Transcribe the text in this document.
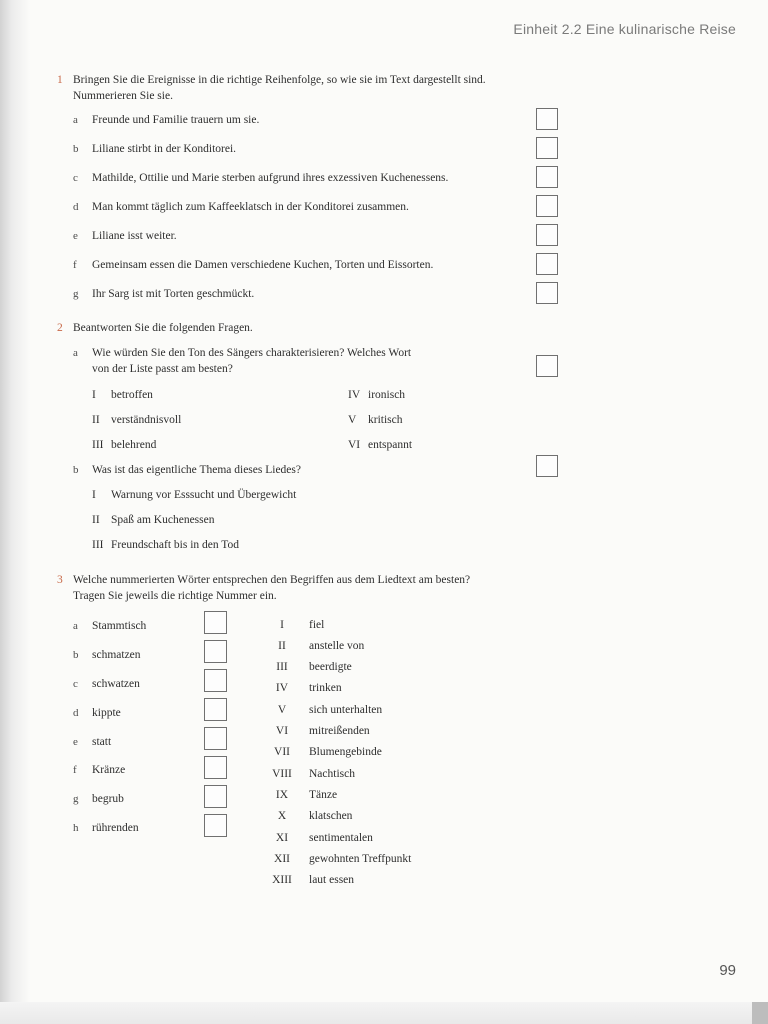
Einheit 2.2 Eine kulinarische Reise
1 Bringen Sie die Ereignisse in die richtige Reihenfolge, so wie sie im Text dargestellt sind.
Nummerieren Sie sie.
a Freunde und Familie trauern um sie.
b Liliane stirbt in der Konditorei.
c Mathilde, Ottilie und Marie sterben aufgrund ihres exzessiven Kuchenessens.
d Man kommt täglich zum Kaffeeklatsch in der Konditorei zusammen.
e Liliane isst weiter.
f Gemeinsam essen die Damen verschiedene Kuchen, Torten und Eissorten.
g Ihr Sarg ist mit Torten geschmückt.
2 Beantworten Sie die folgenden Fragen.
a Wie würden Sie den Ton des Sängers charakterisieren? Welches Wort
von der Liste passt am besten?
I betroffen
II verständnisvoll
III belehrend
IV ironisch
V kritisch
VI entspannt
b Was ist das eigentliche Thema dieses Liedes?
I Warnung vor Esssucht und Übergewicht
II Spaß am Kuchenessen
III Freundschaft bis in den Tod
3 Welche nummerierten Wörter entsprechen den Begriffen aus dem Liedtext am besten?
Tragen Sie jeweils die richtige Nummer ein.
a Stammtisch
b schmatzen
c schwatzen
d kippte
e statt
f Kränze
g begrub
h rührenden
I	fiel
II	anstelle von
III	beerdigte
IV	trinken
V	sich unterhalten
VI	mitreißenden
VII	Blumengebinde
VIII	Nachtisch
IX	Tänze
X	klatschen
XI	sentimentalen
XII	gewohnten Treffpunkt
XIII	laut essen
99
